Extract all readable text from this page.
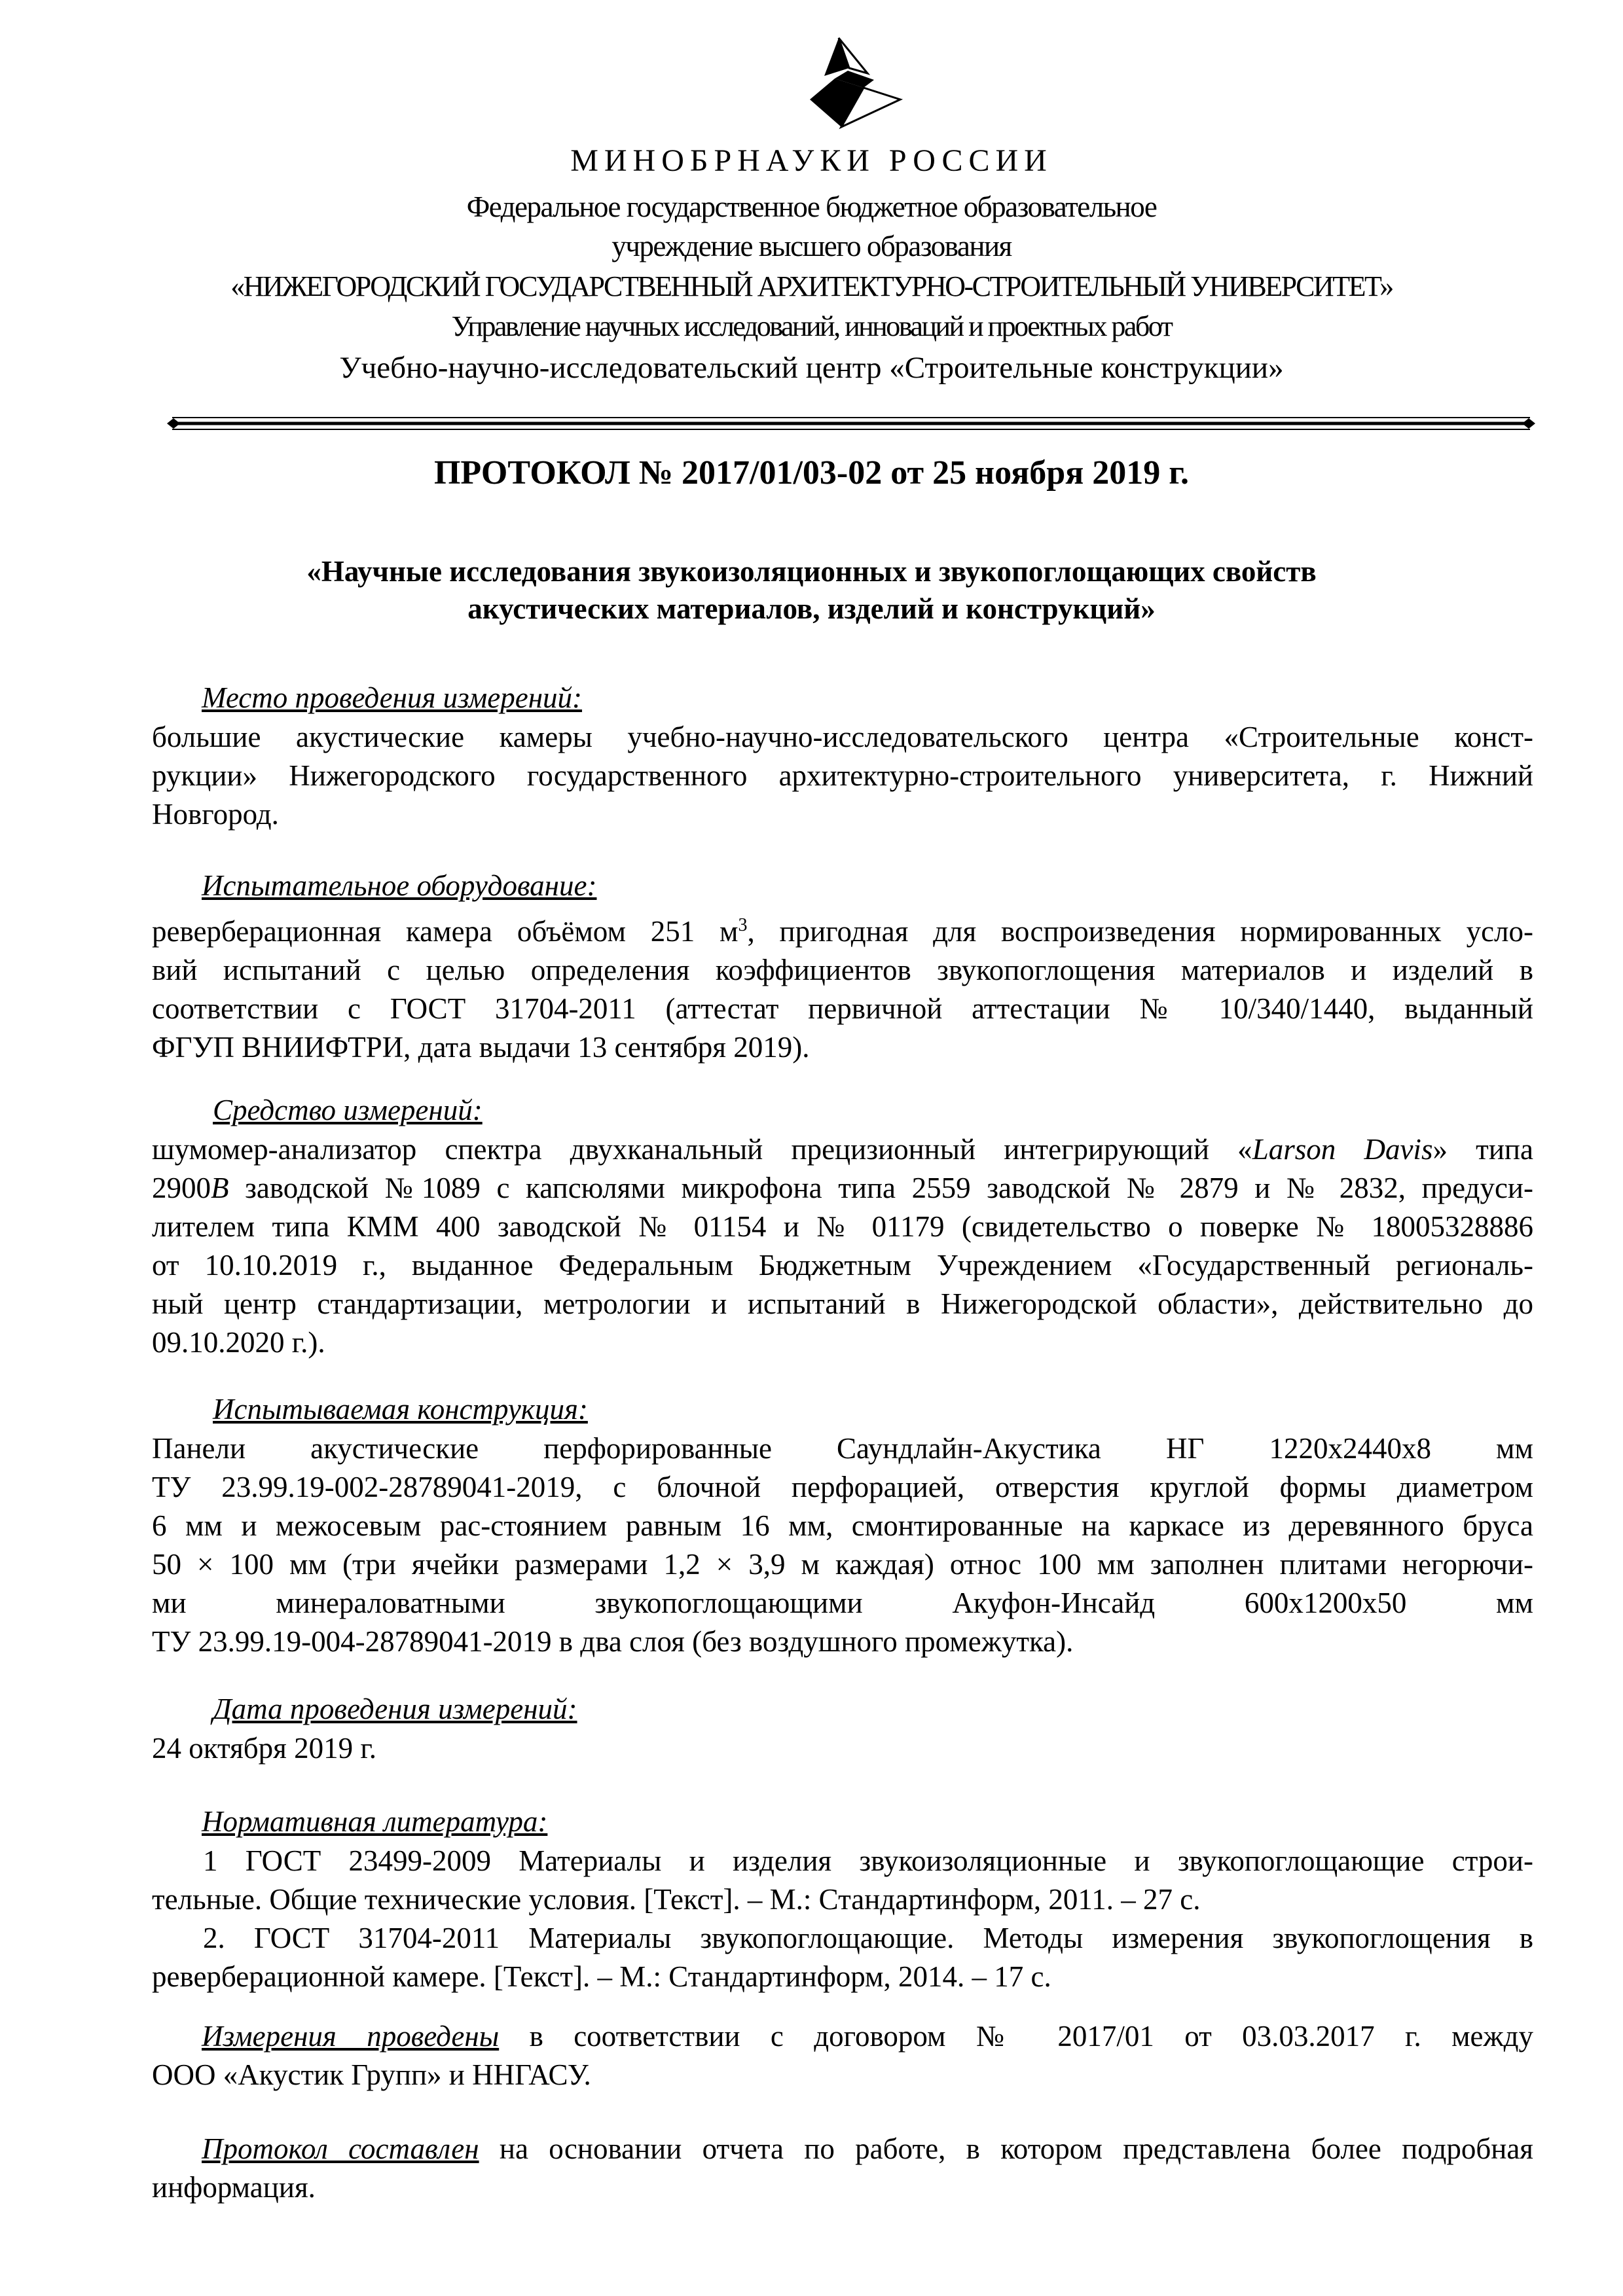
МИНОБРНАУКИ РОССИИ
Федеральное государственное бюджетное образовательное
учреждение высшего образования
«НИЖЕГОРОДСКИЙ ГОСУДАРСТВЕННЫЙ АРХИТЕКТУРНО-СТРОИТЕЛЬНЫЙ УНИВЕРСИТЕТ»
Управление научных исследований, инноваций и проектных работ
Учебно-научно-исследовательский центр «Строительные конструкции»
ПРОТОКОЛ № 2017/01/03-02 от 25 ноября 2019 г.
«Научные исследования звукоизоляционных и звукопоглощающих свойств
акустических материалов, изделий и конструкций»
Место проведения измерений:
большие акустические камеры учебно-научно-исследовательского центра «Строительные конст-
рукции» Нижегородского государственного архитектурно-строительного университета, г. Нижний
Новгород.
Испытательное оборудование:
реверберационная камера объёмом 251 $м^3$, пригодная для воспроизведения нормированных усло-
вий испытаний с целью определения коэффициентов звукопоглощения материалов и изделий в
соответствии с ГОСТ 31704-2011 (аттестат первичной аттестации № 10/340/1440, выданный
ФГУП ВНИИФТРИ, дата выдачи 13 сентября 2019).
Средство измерений:
шумомер-анализатор спектра двухканальный прецизионный интегрирующий «Larson Davis» типа
2900B заводской №1089 с капсюлями микрофона типа 2559 заводской № 2879 и № 2832, предуси-
лителем типа КММ 400 заводской № 01154 и № 01179 (свидетельство о поверке № 18005328886
от 10.10.2019 г., выданное Федеральным Бюджетным Учреждением «Государственный региональ-
ный центр стандартизации, метрологии и испытаний в Нижегородской области», действительно до
09.10.2020 г.).
Испытываемая конструкция:
Панели акустические перфорированные Саундлайн-Акустика НГ 1220х2440х8 мм
ТУ 23.99.19-002-28789041-2019, с блочной перфорацией, отверстия круглой формы диаметром
6 мм и межосевым рас-стоянием равным 16 мм, смонтированные на каркасе из деревянного бруса
50 × 100 мм (три ячейки размерами 1,2 × 3,9 м каждая) относ 100 мм заполнен плитами негорючи-
ми минераловатными звукопоглощающими Акуфон-Инсайд 600х1200х50 мм
ТУ 23.99.19-004-28789041-2019 в два слоя (без воздушного промежутка).
Дата проведения измерений:
24 октября 2019 г.
Нормативная литература:
1 ГОСТ 23499-2009 Материалы и изделия звукоизоляционные и звукопоглощающие строи-
тельные. Общие технические условия. [Текст]. – М.: Стандартинформ, 2011. – 27 с.
2. ГОСТ 31704-2011 Материалы звукопоглощающие. Методы измерения звукопоглощения в
реверберационной камере. [Текст]. – М.: Стандартинформ, 2014. – 17 с.
Измерения проведены в соответствии с договором № 2017/01 от 03.03.2017 г. между
ООО «Акустик Групп» и ННГАСУ.
Протокол составлен на основании отчета по работе, в котором представлена более подробная
информация.
